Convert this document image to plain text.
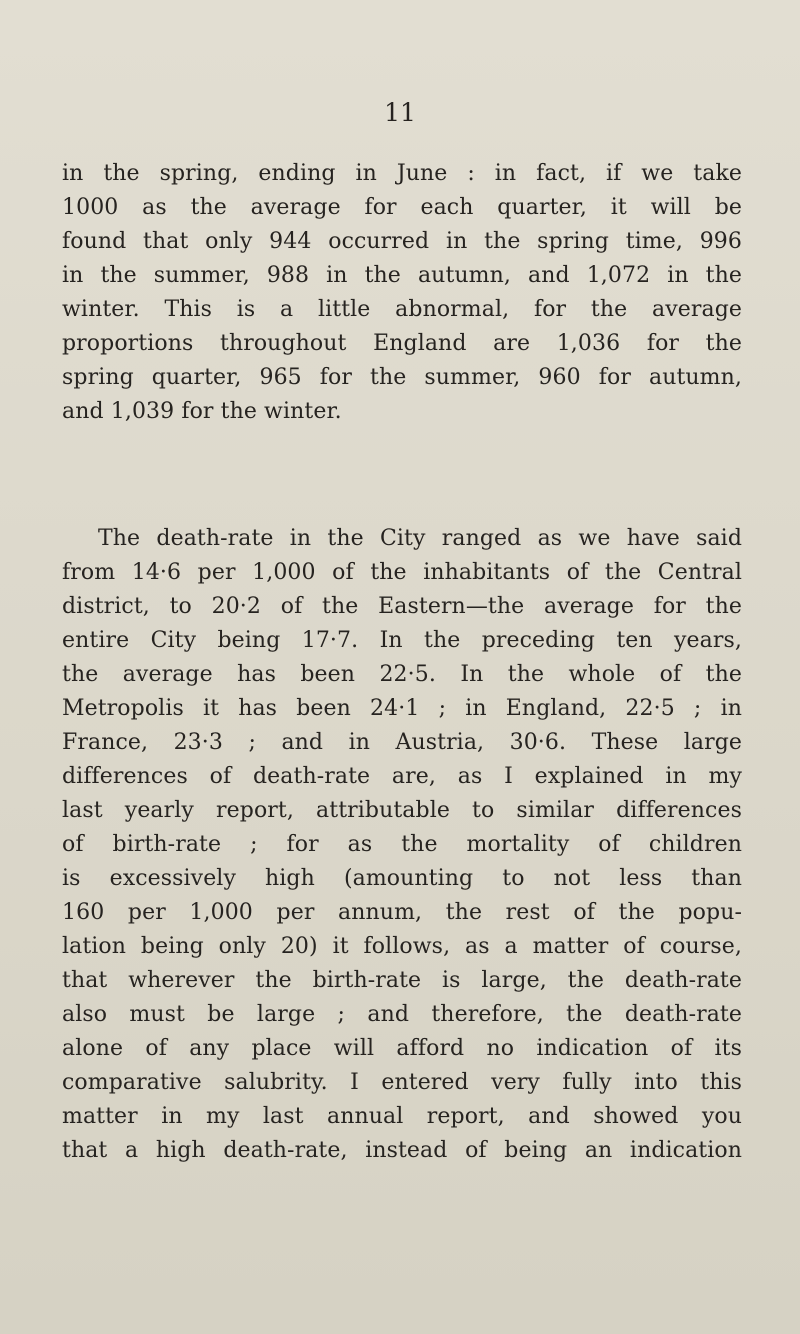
11

in the spring, ending in June : in fact, if we take
1000 as the average for each quarter, it will be
found that only 944 occurred in the spring time, 996
in the summer, 988 in the autumn, and 1,072 in the
winter. This is a little abnormal, for the average
proportions throughout England are 1,036 for the
spring quarter, 965 for the summer, 960 for autumn,
and 1,039 for the winter.

The death-rate in the City ranged as we have said
from 14·6 per 1,000 of the inhabitants of the Central
district, to 20·2 of the Eastern—the average for the
entire City being 17·7. In the preceding ten years,
the average has been 22·5. In the whole of the
Metropolis it has been 24·1 ; in England, 22·5 ; in
France, 23·3 ; and in Austria, 30·6. These large
differences of death-rate are, as I explained in my
last yearly report, attributable to similar differences
of birth-rate ; for as the mortality of children
is excessively high (amounting to not less than
160 per 1,000 per annum, the rest of the popu-
lation being only 20) it follows, as a matter of course,
that wherever the birth-rate is large, the death-rate
also must be large ; and therefore, the death-rate
alone of any place will afford no indication of its
comparative salubrity. I entered very fully into this
matter in my last annual report, and showed you
that a high death-rate, instead of being an indication
